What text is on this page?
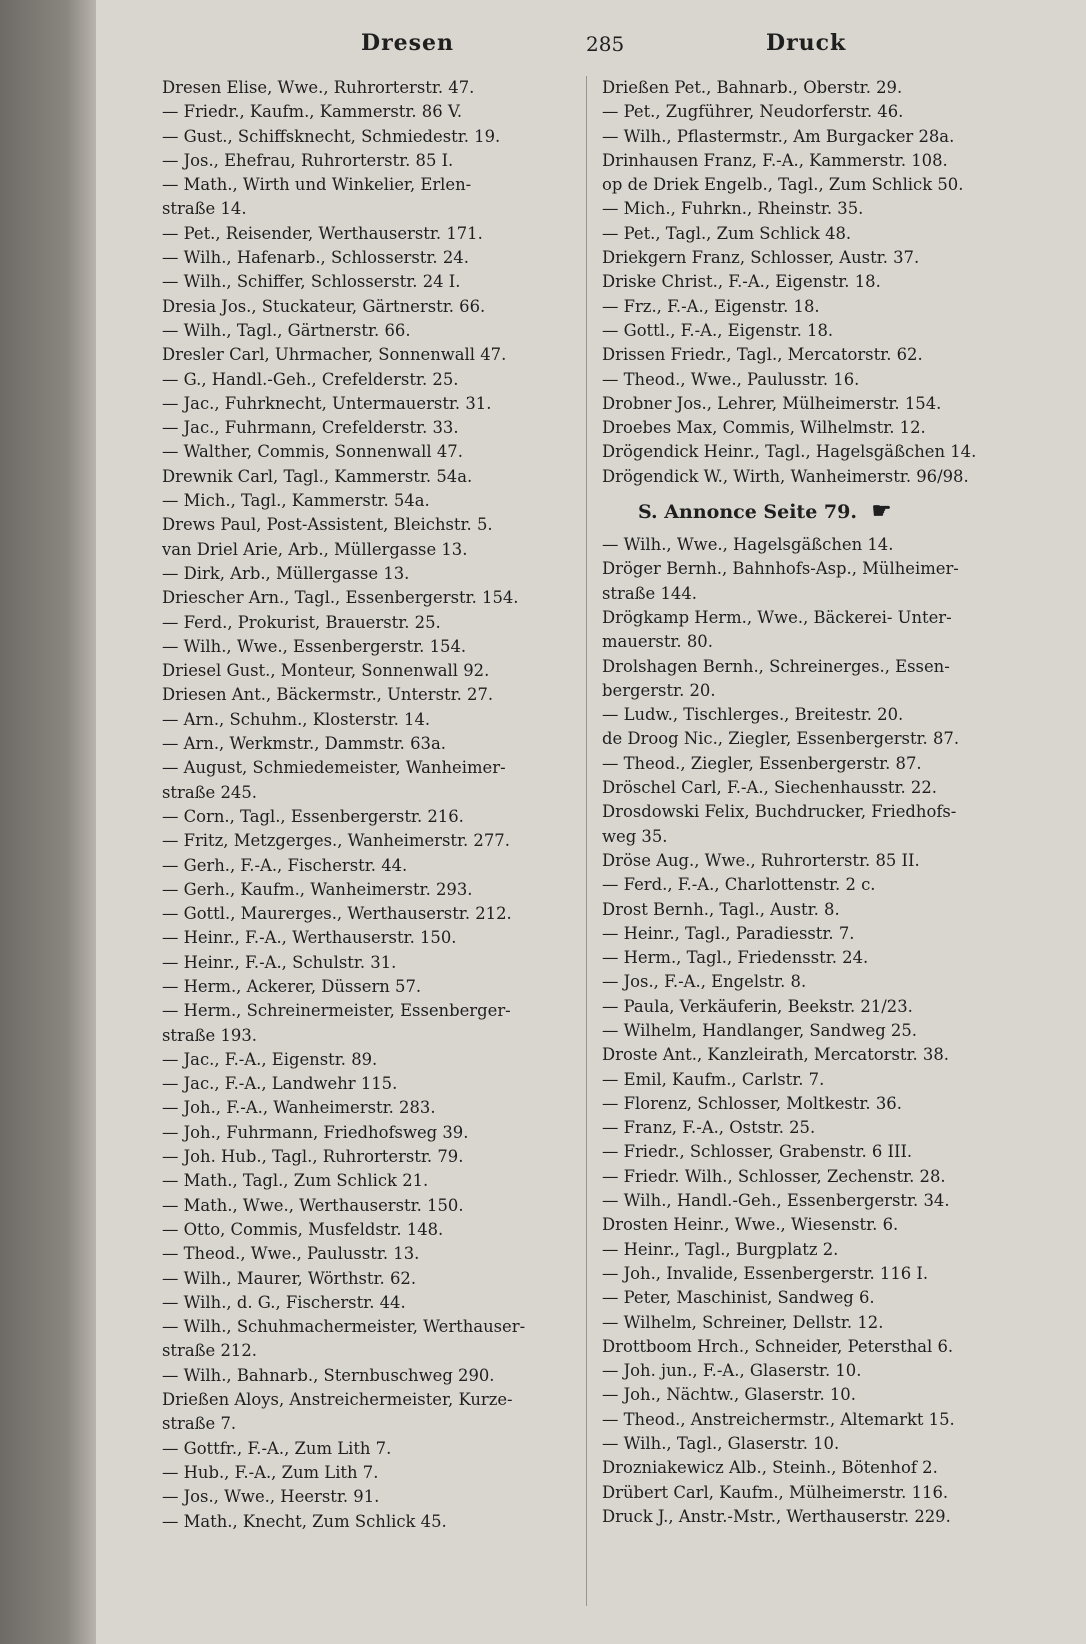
Dresen	285	Druck
Dresen Elise, Wwe., Ruhrorterstr. 47.
— Friedr., Kaufm., Kammerstr. 86 V.
— Gust., Schiffsknecht, Schmiedestr. 19.
— Jos., Ehefrau, Ruhrorterstr. 85 I.
— Math., Wirth und Winkelier, Erlen-
straße 14.
— Pet., Reisender, Werthauserstr. 171.
— Wilh., Hafenarb., Schlosserstr. 24.
— Wilh., Schiffer, Schlosserstr. 24 I.
Dresia Jos., Stuckateur, Gärtnerstr. 66.
— Wilh., Tagl., Gärtnerstr. 66.
Dresler Carl, Uhrmacher, Sonnenwall 47.
— G., Handl.-Geh., Crefelderstr. 25.
— Jac., Fuhrknecht, Untermauerstr. 31.
— Jac., Fuhrmann, Crefelderstr. 33.
— Walther, Commis, Sonnenwall 47.
Drewnik Carl, Tagl., Kammerstr. 54a.
— Mich., Tagl., Kammerstr. 54a.
Drews Paul, Post-Assistent, Bleichstr. 5.
van Driel Arie, Arb., Müllergasse 13.
— Dirk, Arb., Müllergasse 13.
Driescher Arn., Tagl., Essenbergerstr. 154.
— Ferd., Prokurist, Brauerstr. 25.
— Wilh., Wwe., Essenbergerstr. 154.
Driesel Gust., Monteur, Sonnenwall 92.
Driesen Ant., Bäckermstr., Unterstr. 27.
— Arn., Schuhm., Klosterstr. 14.
— Arn., Werkmstr., Dammstr. 63a.
— August, Schmiedemeister, Wanheimer-
straße 245.
— Corn., Tagl., Essenbergerstr. 216.
— Fritz, Metzgerges., Wanheimerstr. 277.
— Gerh., F.-A., Fischerstr. 44.
— Gerh., Kaufm., Wanheimerstr. 293.
— Gottl., Maurerges., Werthauserstr. 212.
— Heinr., F.-A., Werthauserstr. 150.
— Heinr., F.-A., Schulstr. 31.
— Herm., Ackerer, Düssern 57.
— Herm., Schreinermeister, Essenberger-
straße 193.
— Jac., F.-A., Eigenstr. 89.
— Jac., F.-A., Landwehr 115.
— Joh., F.-A., Wanheimerstr. 283.
— Joh., Fuhrmann, Friedhofsweg 39.
— Joh. Hub., Tagl., Ruhrorterstr. 79.
— Math., Tagl., Zum Schlick 21.
— Math., Wwe., Werthauserstr. 150.
— Otto, Commis, Musfeldstr. 148.
— Theod., Wwe., Paulusstr. 13.
— Wilh., Maurer, Wörthstr. 62.
— Wilh., d. G., Fischerstr. 44.
— Wilh., Schuhmachermeister, Werthauser-
straße 212.
— Wilh., Bahnarb., Sternbuschweg 290.
Drießen Aloys, Anstreichermeister, Kurze-
straße 7.
— Gottfr., F.-A., Zum Lith 7.
— Hub., F.-A., Zum Lith 7.
— Jos., Wwe., Heerstr. 91.
— Math., Knecht, Zum Schlick 45.
Drießen Pet., Bahnarb., Oberstr. 29.
— Pet., Zugführer, Neudorferstr. 46.
— Wilh., Pflastermstr., Am Burgacker 28a.
Drinhausen Franz, F.-A., Kammerstr. 108.
op de Driek Engelb., Tagl., Zum Schlick 50.
— Mich., Fuhrkn., Rheinstr. 35.
— Pet., Tagl., Zum Schlick 48.
Driekgern Franz, Schlosser, Austr. 37.
Driske Christ., F.-A., Eigenstr. 18.
— Frz., F.-A., Eigenstr. 18.
— Gottl., F.-A., Eigenstr. 18.
Drissen Friedr., Tagl., Mercatorstr. 62.
— Theod., Wwe., Paulusstr. 16.
Drobner Jos., Lehrer, Mülheimerstr. 154.
Droebes Max, Commis, Wilhelmstr. 12.
Drögendick Heinr., Tagl., Hagelsgäßchen 14.
Drögendick W., Wirth, Wanheimerstr. 96/98.
S. Annonce Seite 79. ☛
— Wilh., Wwe., Hagelsgäßchen 14.
Dröger Bernh., Bahnhofs-Asp., Mülheimer-
straße 144.
Drögkamp Herm., Wwe., Bäckerei- Unter-
mauerstr. 80.
Drolshagen Bernh., Schreinerges., Essen-
bergerstr. 20.
— Ludw., Tischlerges., Breitestr. 20.
de Droog Nic., Ziegler, Essenbergerstr. 87.
— Theod., Ziegler, Essenbergerstr. 87.
Dröschel Carl, F.-A., Siechenhausstr. 22.
Drosdowski Felix, Buchdrucker, Friedhofs-
weg 35.
Dröse Aug., Wwe., Ruhrorterstr. 85 II.
— Ferd., F.-A., Charlottenstr. 2 c.
Drost Bernh., Tagl., Austr. 8.
— Heinr., Tagl., Paradiesstr. 7.
— Herm., Tagl., Friedensstr. 24.
— Jos., F.-A., Engelstr. 8.
— Paula, Verkäuferin, Beekstr. 21/23.
— Wilhelm, Handlanger, Sandweg 25.
Droste Ant., Kanzleirath, Mercatorstr. 38.
— Emil, Kaufm., Carlstr. 7.
— Florenz, Schlosser, Moltkestr. 36.
— Franz, F.-A., Oststr. 25.
— Friedr., Schlosser, Grabenstr. 6 III.
— Friedr. Wilh., Schlosser, Zechenstr. 28.
— Wilh., Handl.-Geh., Essenbergerstr. 34.
Drosten Heinr., Wwe., Wiesenstr. 6.
— Heinr., Tagl., Burgplatz 2.
— Joh., Invalide, Essenbergerstr. 116 I.
— Peter, Maschinist, Sandweg 6.
— Wilhelm, Schreiner, Dellstr. 12.
Drottboom Hrch., Schneider, Petersthal 6.
— Joh. jun., F.-A., Glaserstr. 10.
— Joh., Nächtw., Glaserstr. 10.
— Theod., Anstreichermstr., Altemarkt 15.
— Wilh., Tagl., Glaserstr. 10.
Drozniakewicz Alb., Steinh., Bötenhof 2.
Drübert Carl, Kaufm., Mülheimerstr. 116.
Druck J., Anstr.-Mstr., Werthauserstr. 229.
